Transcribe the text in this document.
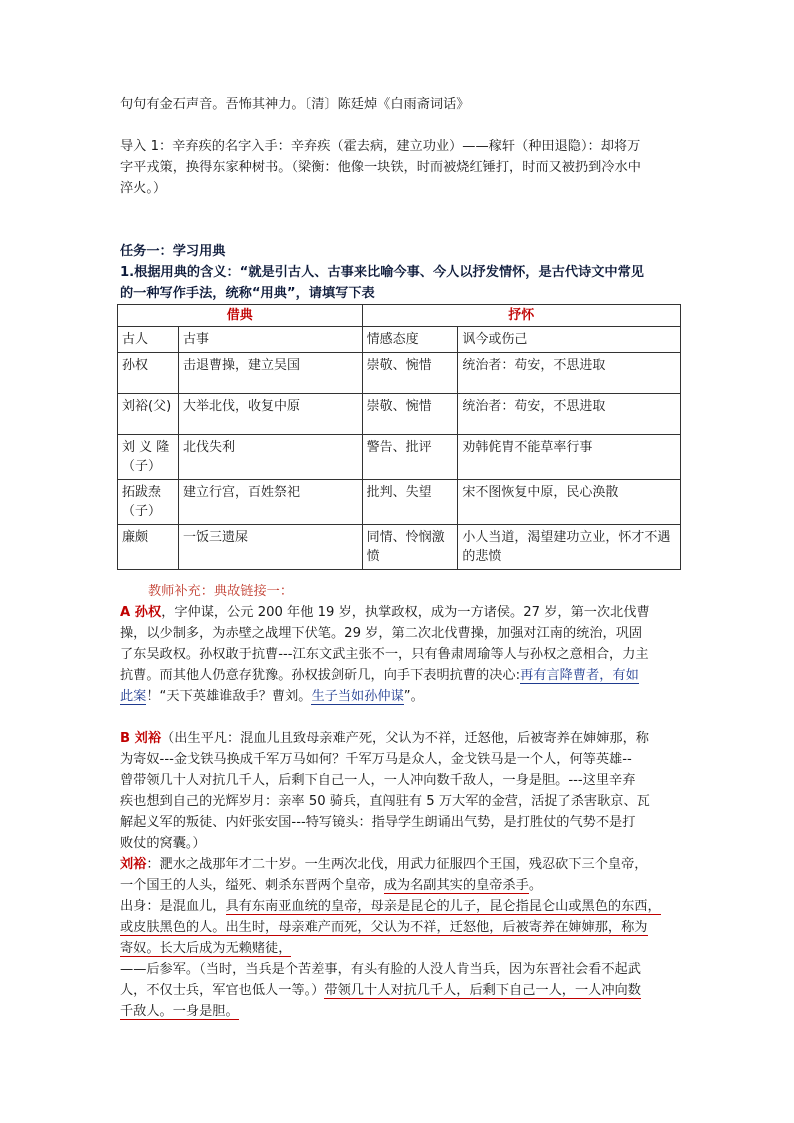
句句有金石声音。吾怖其神力。〔清〕陈廷焯《白雨斋词话》
导入 1：辛弃疾的名字入手：辛弃疾（霍去病，建立功业）——稼轩（种田退隐）：却将万
字平戎策，换得东家种树书。（梁衡：他像一块铁，时而被烧红锤打，时而又被扔到冷水中
淬火。）
任务一：学习用典
1.根据用典的含义：“就是引古人、古事来比喻今事、今人以抒发情怀，是古代诗文中常见
的一种写作手法，统称“用典”，请填写下表
借典		抒怀	
古人	古事	情感态度	讽今或伤己
孙权	击退曹操，建立吴国	崇敬、惋惜	统治者：苟安，不思进取
刘裕(父)	大举北伐，收复中原	崇敬、惋惜	统治者：苟安，不思进取
刘 义 隆（子）	北伐失利	警告、批评	劝韩侂胄不能草率行事
拓跋焘（子）	建立行宫，百姓祭祀	批判、失望	宋不图恢复中原，民心涣散
廉颇	一饭三遗屎	同情、怜悯激愤	小人当道，渴望建功立业，怀才不遇的悲愤
教师补充：典故链接一：
A 孙权，字仲谋，公元 200 年他 19 岁，执掌政权，成为一方诸侯。27 岁，第一次北伐曹
操，以少制多，为赤壁之战埋下伏笔。29 岁，第二次北伐曹操，加强对江南的统治，巩固
了东吴政权。孙权敢于抗曹---江东文武主张不一，只有鲁肃周瑜等人与孙权之意相合，力主
抗曹。而其他人仍意存犹豫。孙权拔剑斫几，向手下表明抗曹的决心:再有言降曹者，有如
此案！“天下英雄谁敌手？曹刘。生子当如孙仲谋”。
B 刘裕（出生平凡：混血儿且致母亲难产死，父认为不祥，迁怒他，后被寄养在婶婶那，称
为寄奴---金戈铁马换成千军万马如何？千军万马是众人，金戈铁马是一个人，何等英雄--
曾带领几十人对抗几千人，后剩下自己一人，一人冲向数千敌人，一身是胆。---这里辛弃
疾也想到自己的光辉岁月：亲率 50 骑兵，直闯驻有 5 万大军的金营，活捉了杀害耿京、瓦
解起义军的叛徒、内奸张安国---特写镜头：指导学生朗诵出气势，是打胜仗的气势不是打
败仗的窝囊。）
刘裕：淝水之战那年才二十岁。一生两次北伐，用武力征服四个王国，残忍砍下三个皇帝，
一个国王的人头，缢死、刺杀东晋两个皇帝，成为名副其实的皇帝杀手。
出身：是混血儿，具有东南亚血统的皇帝，母亲是昆仑的儿子，昆仑指昆仑山或黑色的东西，
或皮肤黑色的人。出生时，母亲难产而死，父认为不祥，迁怒他，后被寄养在婶婶那，称为
寄奴。长大后成为无赖赌徒，
——后参军。（当时，当兵是个苦差事，有头有脸的人没人肯当兵，因为东晋社会看不起武
人，不仅士兵，军官也低人一等。）带领几十人对抗几千人，后剩下自己一人，一人冲向数
千敌人。一身是胆。
